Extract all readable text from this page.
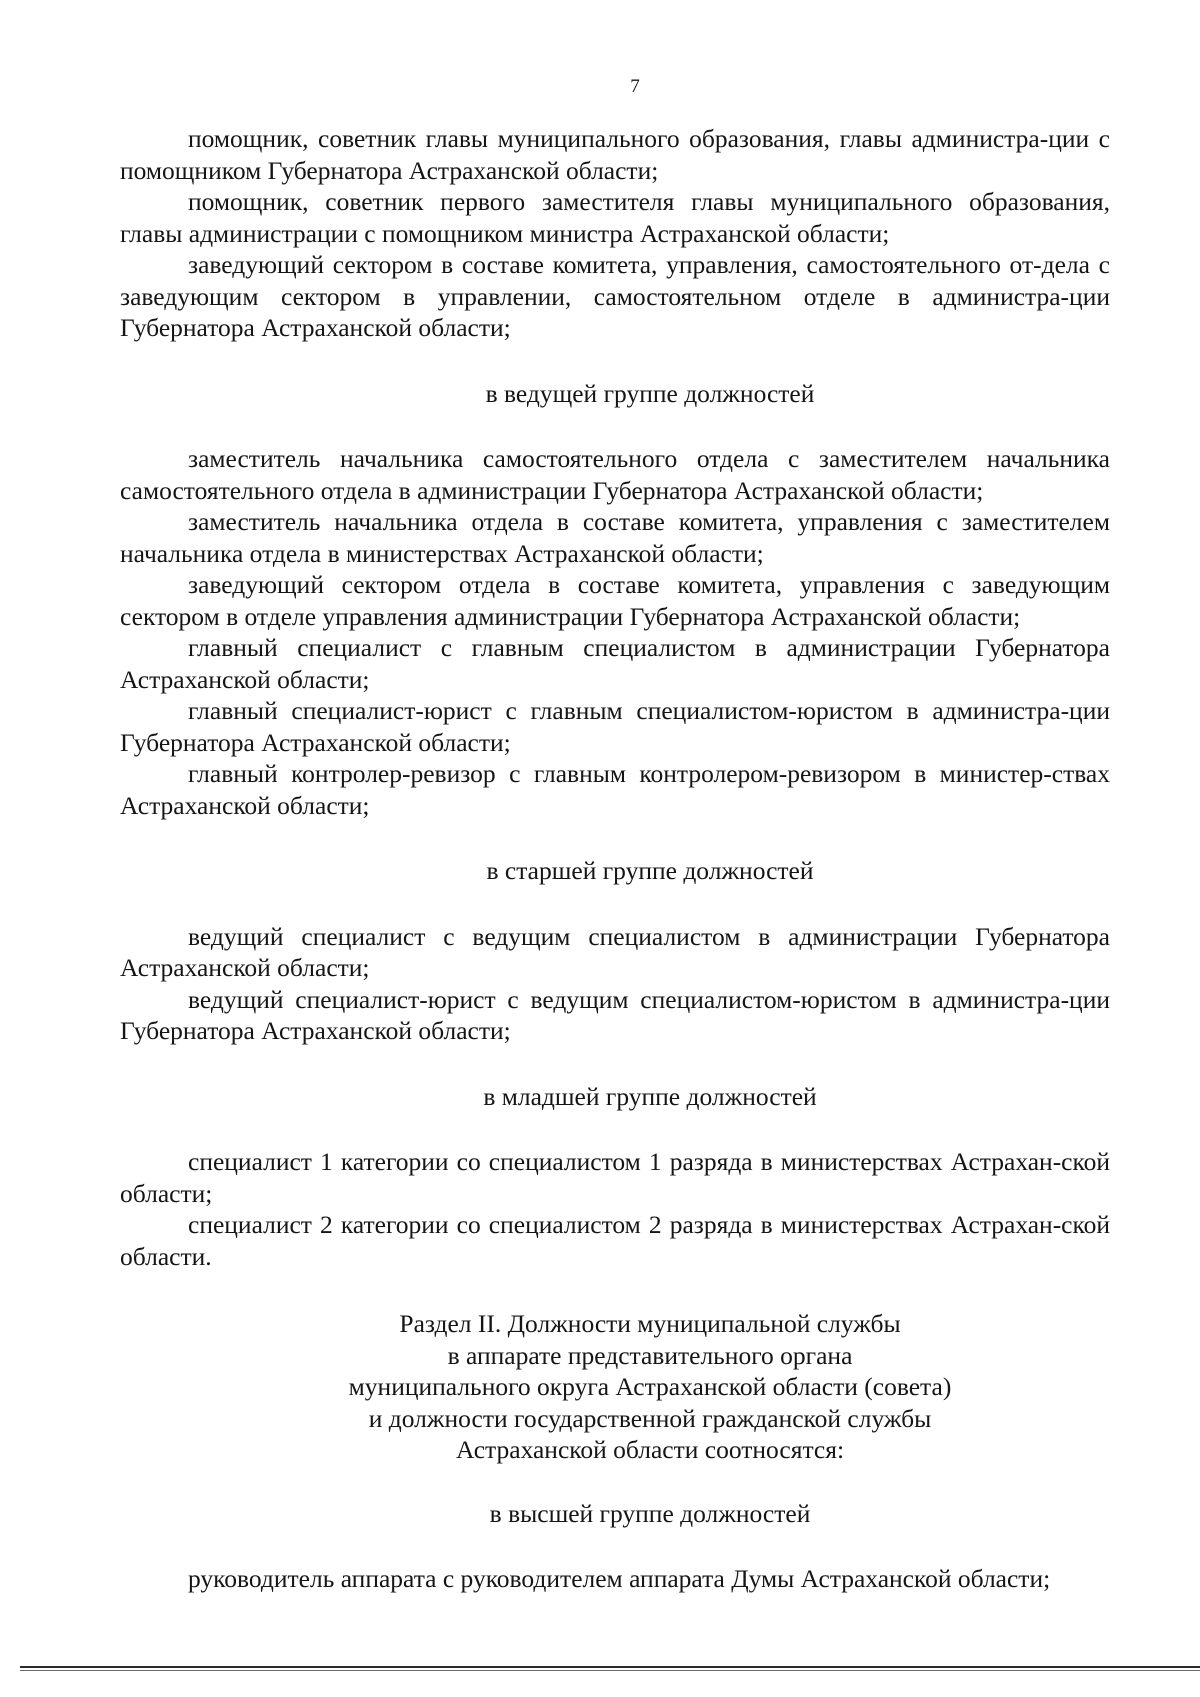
7

помощник, советник главы муниципального образования, главы администра-ции с помощником Губернатора Астраханской области;

помощник, советник первого заместителя главы муниципального образования, главы администрации с помощником министра Астраханской области;

заведующий сектором в составе комитета, управления, самостоятельного от-дела с заведующим сектором в управлении, самостоятельном отделе в администра-ции Губернатора Астраханской области;

в ведущей группе должностей

заместитель начальника самостоятельного отдела с заместителем начальника самостоятельного отдела в администрации Губернатора Астраханской области;

заместитель начальника отдела в составе комитета, управления с заместителем начальника отдела в министерствах Астраханской области;

заведующий сектором отдела в составе комитета, управления с заведующим сектором в отделе управления администрации Губернатора Астраханской области;

главный специалист с главным специалистом в администрации Губернатора Астраханской области;

главный специалист-юрист с главным специалистом-юристом в администра-ции Губернатора Астраханской области;

главный контролер-ревизор с главным контролером-ревизором в министер-ствах Астраханской области;

в старшей группе должностей

ведущий специалист с ведущим специалистом в администрации Губернатора Астраханской области;

ведущий специалист-юрист с ведущим специалистом-юристом в администра-ции Губернатора Астраханской области;

в младшей группе должностей

специалист 1 категории со специалистом 1 разряда в министерствах Астрахан-ской области;

специалист 2 категории со специалистом 2 разряда в министерствах Астрахан-ской области.

Раздел II. Должности муниципальной службы
в аппарате представительного органа
муниципального округа Астраханской области (совета)
и должности государственной гражданской службы
Астраханской области соотносятся:

в высшей группе должностей

руководитель аппарата с руководителем аппарата Думы Астраханской области;
